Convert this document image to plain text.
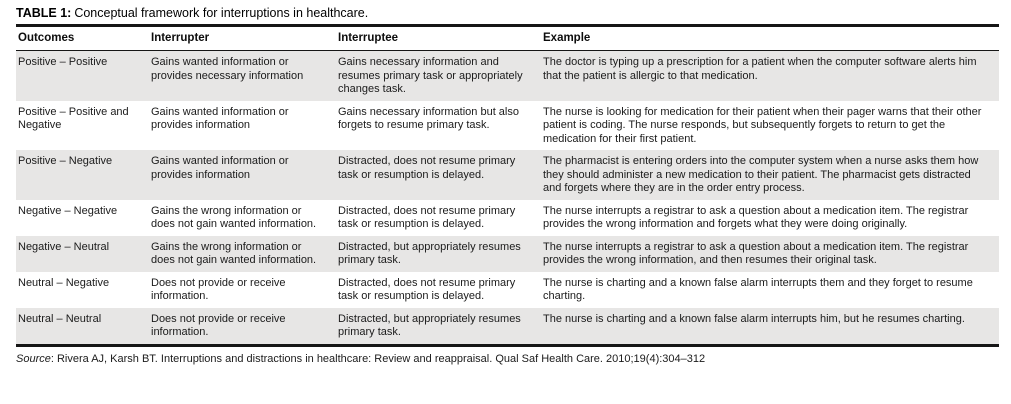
TABLE 1: Conceptual framework for interruptions in healthcare.

Outcomes	Interrupter	Interruptee	Example
Positive – Positive	Gains wanted information or provides necessary information	Gains necessary information and resumes primary task or appropriately changes task.	The doctor is typing up a prescription for a patient when the computer software alerts him that the patient is allergic to that medication.
Positive – Positive and Negative	Gains wanted information or provides information	Gains necessary information but also forgets to resume primary task.	The nurse is looking for medication for their patient when their pager warns that their other patient is coding. The nurse responds, but subsequently forgets to return to get the medication for their first patient.
Positive – Negative	Gains wanted information or provides information	Distracted, does not resume primary task or resumption is delayed.	The pharmacist is entering orders into the computer system when a nurse asks them how they should administer a new medication to their patient. The pharmacist gets distracted and forgets where they are in the order entry process.
Negative – Negative	Gains the wrong information or does not gain wanted information.	Distracted, does not resume primary task or resumption is delayed.	The nurse interrupts a registrar to ask a question about a medication item. The registrar provides the wrong information and forgets what they were doing originally.
Negative – Neutral	Gains the wrong information or does not gain wanted information.	Distracted, but appropriately resumes primary task.	The nurse interrupts a registrar to ask a question about a medication item. The registrar provides the wrong information, and then resumes their original task.
Neutral – Negative	Does not provide or receive information.	Distracted, does not resume primary task or resumption is delayed.	The nurse is charting and a known false alarm interrupts them and they forget to resume charting.
Neutral – Neutral	Does not provide or receive information.	Distracted, but appropriately resumes primary task.	The nurse is charting and a known false alarm interrupts him, but he resumes charting.

Source: Rivera AJ, Karsh BT. Interruptions and distractions in healthcare: Review and reappraisal. Qual Saf Health Care. 2010;19(4):304–312
